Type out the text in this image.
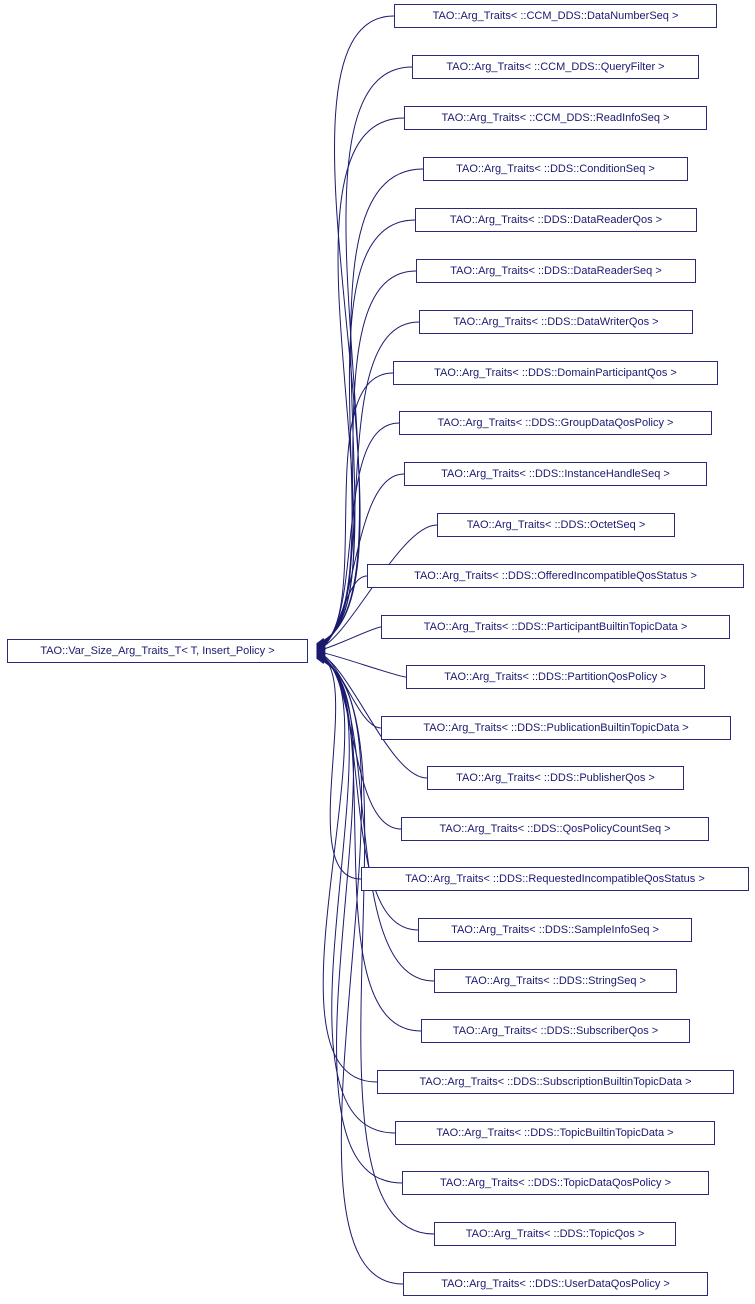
TAO::Var_Size_Arg_Traits_T< T, Insert_Policy >
TAO::Arg_Traits< ::CCM_DDS::DataNumberSeq >
TAO::Arg_Traits< ::CCM_DDS::QueryFilter >
TAO::Arg_Traits< ::CCM_DDS::ReadInfoSeq >
TAO::Arg_Traits< ::DDS::ConditionSeq >
TAO::Arg_Traits< ::DDS::DataReaderQos >
TAO::Arg_Traits< ::DDS::DataReaderSeq >
TAO::Arg_Traits< ::DDS::DataWriterQos >
TAO::Arg_Traits< ::DDS::DomainParticipantQos >
TAO::Arg_Traits< ::DDS::GroupDataQosPolicy >
TAO::Arg_Traits< ::DDS::InstanceHandleSeq >
TAO::Arg_Traits< ::DDS::OctetSeq >
TAO::Arg_Traits< ::DDS::OfferedIncompatibleQosStatus >
TAO::Arg_Traits< ::DDS::ParticipantBuiltinTopicData >
TAO::Arg_Traits< ::DDS::PartitionQosPolicy >
TAO::Arg_Traits< ::DDS::PublicationBuiltinTopicData >
TAO::Arg_Traits< ::DDS::PublisherQos >
TAO::Arg_Traits< ::DDS::QosPolicyCountSeq >
TAO::Arg_Traits< ::DDS::RequestedIncompatibleQosStatus >
TAO::Arg_Traits< ::DDS::SampleInfoSeq >
TAO::Arg_Traits< ::DDS::StringSeq >
TAO::Arg_Traits< ::DDS::SubscriberQos >
TAO::Arg_Traits< ::DDS::SubscriptionBuiltinTopicData >
TAO::Arg_Traits< ::DDS::TopicBuiltinTopicData >
TAO::Arg_Traits< ::DDS::TopicDataQosPolicy >
TAO::Arg_Traits< ::DDS::TopicQos >
TAO::Arg_Traits< ::DDS::UserDataQosPolicy >
